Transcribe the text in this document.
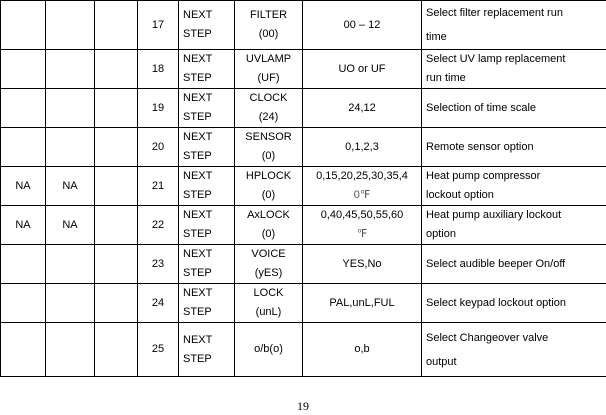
			17	NEXT
STEP	FILTER
(00)	00 – 12	Select filter replacement run
time

			18	NEXT
STEP	UVLAMP
(UF)	UO or UF	Select UV lamp replacement
run time

			19	NEXT
STEP	CLOCK
(24)	24,12	Selection of time scale

			20	NEXT
STEP	SENSOR
(0)	0,1,2,3	Remote sensor option

NA	NA		21	NEXT
STEP	HPLOCK
(0)	0,15,20,25,30,35,4
0℉	Heat pump compressor
lockout option

NA	NA		22	NEXT
STEP	AxLOCK
(0)	0,40,45,50,55,60
℉	Heat pump auxiliary lockout
option

			23	NEXT
STEP	VOICE
(yES)	YES,No	Select audible beeper On/off

			24	NEXT
STEP	LOCK
(unL)	PAL,unL,FUL	Select keypad lockout option

			25	NEXT
STEP	o/b(o)	o,b	Select Changeover valve
output
19
